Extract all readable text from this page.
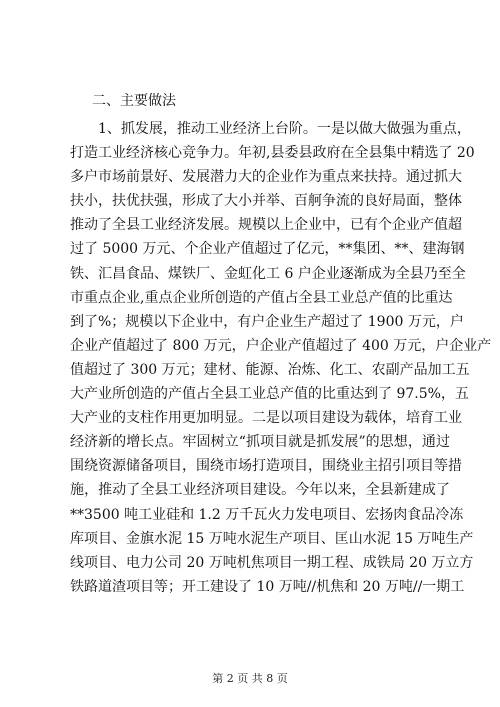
二、主要做法
1、抓发展，推动工业经济上台阶。一是以做大做强为重点，
打造工业经济核心竞争力。年初,县委县政府在全县集中精选了 20
多户市场前景好、发展潜力大的企业作为重点来扶持。通过抓大
扶小，扶优扶强，形成了大小并举、百舸争流的良好局面，整体
推动了全县工业经济发展。规模以上企业中，已有个企业产值超
过了 5000 万元、个企业产值超过了亿元，**集团、**、建海钢
铁、汇昌食品、煤铁厂、金虹化工 6 户企业逐渐成为全县乃至全
市重点企业,重点企业所创造的产值占全县工业总产值的比重达
到了%；规模以下企业中，有户企业生产超过了 1900 万元，户
企业产值超过了 800 万元，户企业产值超过了 400 万元，户企业产
值超过了 300 万元；建材、能源、冶炼、化工、农副产品加工五
大产业所创造的产值占全县工业总产值的比重达到了 97.5%，五
大产业的支柱作用更加明显。二是以项目建设为载体，培育工业
经济新的增长点。牢固树立“抓项目就是抓发展”的思想，通过
围绕资源储备项目，围绕市场打造项目，围绕业主招引项目等措
施，推动了全县工业经济项目建设。今年以来，全县新建成了
**3500 吨工业硅和 1.2 万千瓦火力发电项目、宏扬肉食品冷冻
库项目、金旗水泥 15 万吨水泥生产项目、匡山水泥 15 万吨生产
线项目、电力公司 20 万吨机焦项目一期工程、成铁局 20 万立方
铁路道渣项目等；开工建设了 10 万吨//机焦和 20 万吨//一期工
第 2 页 共 8 页
